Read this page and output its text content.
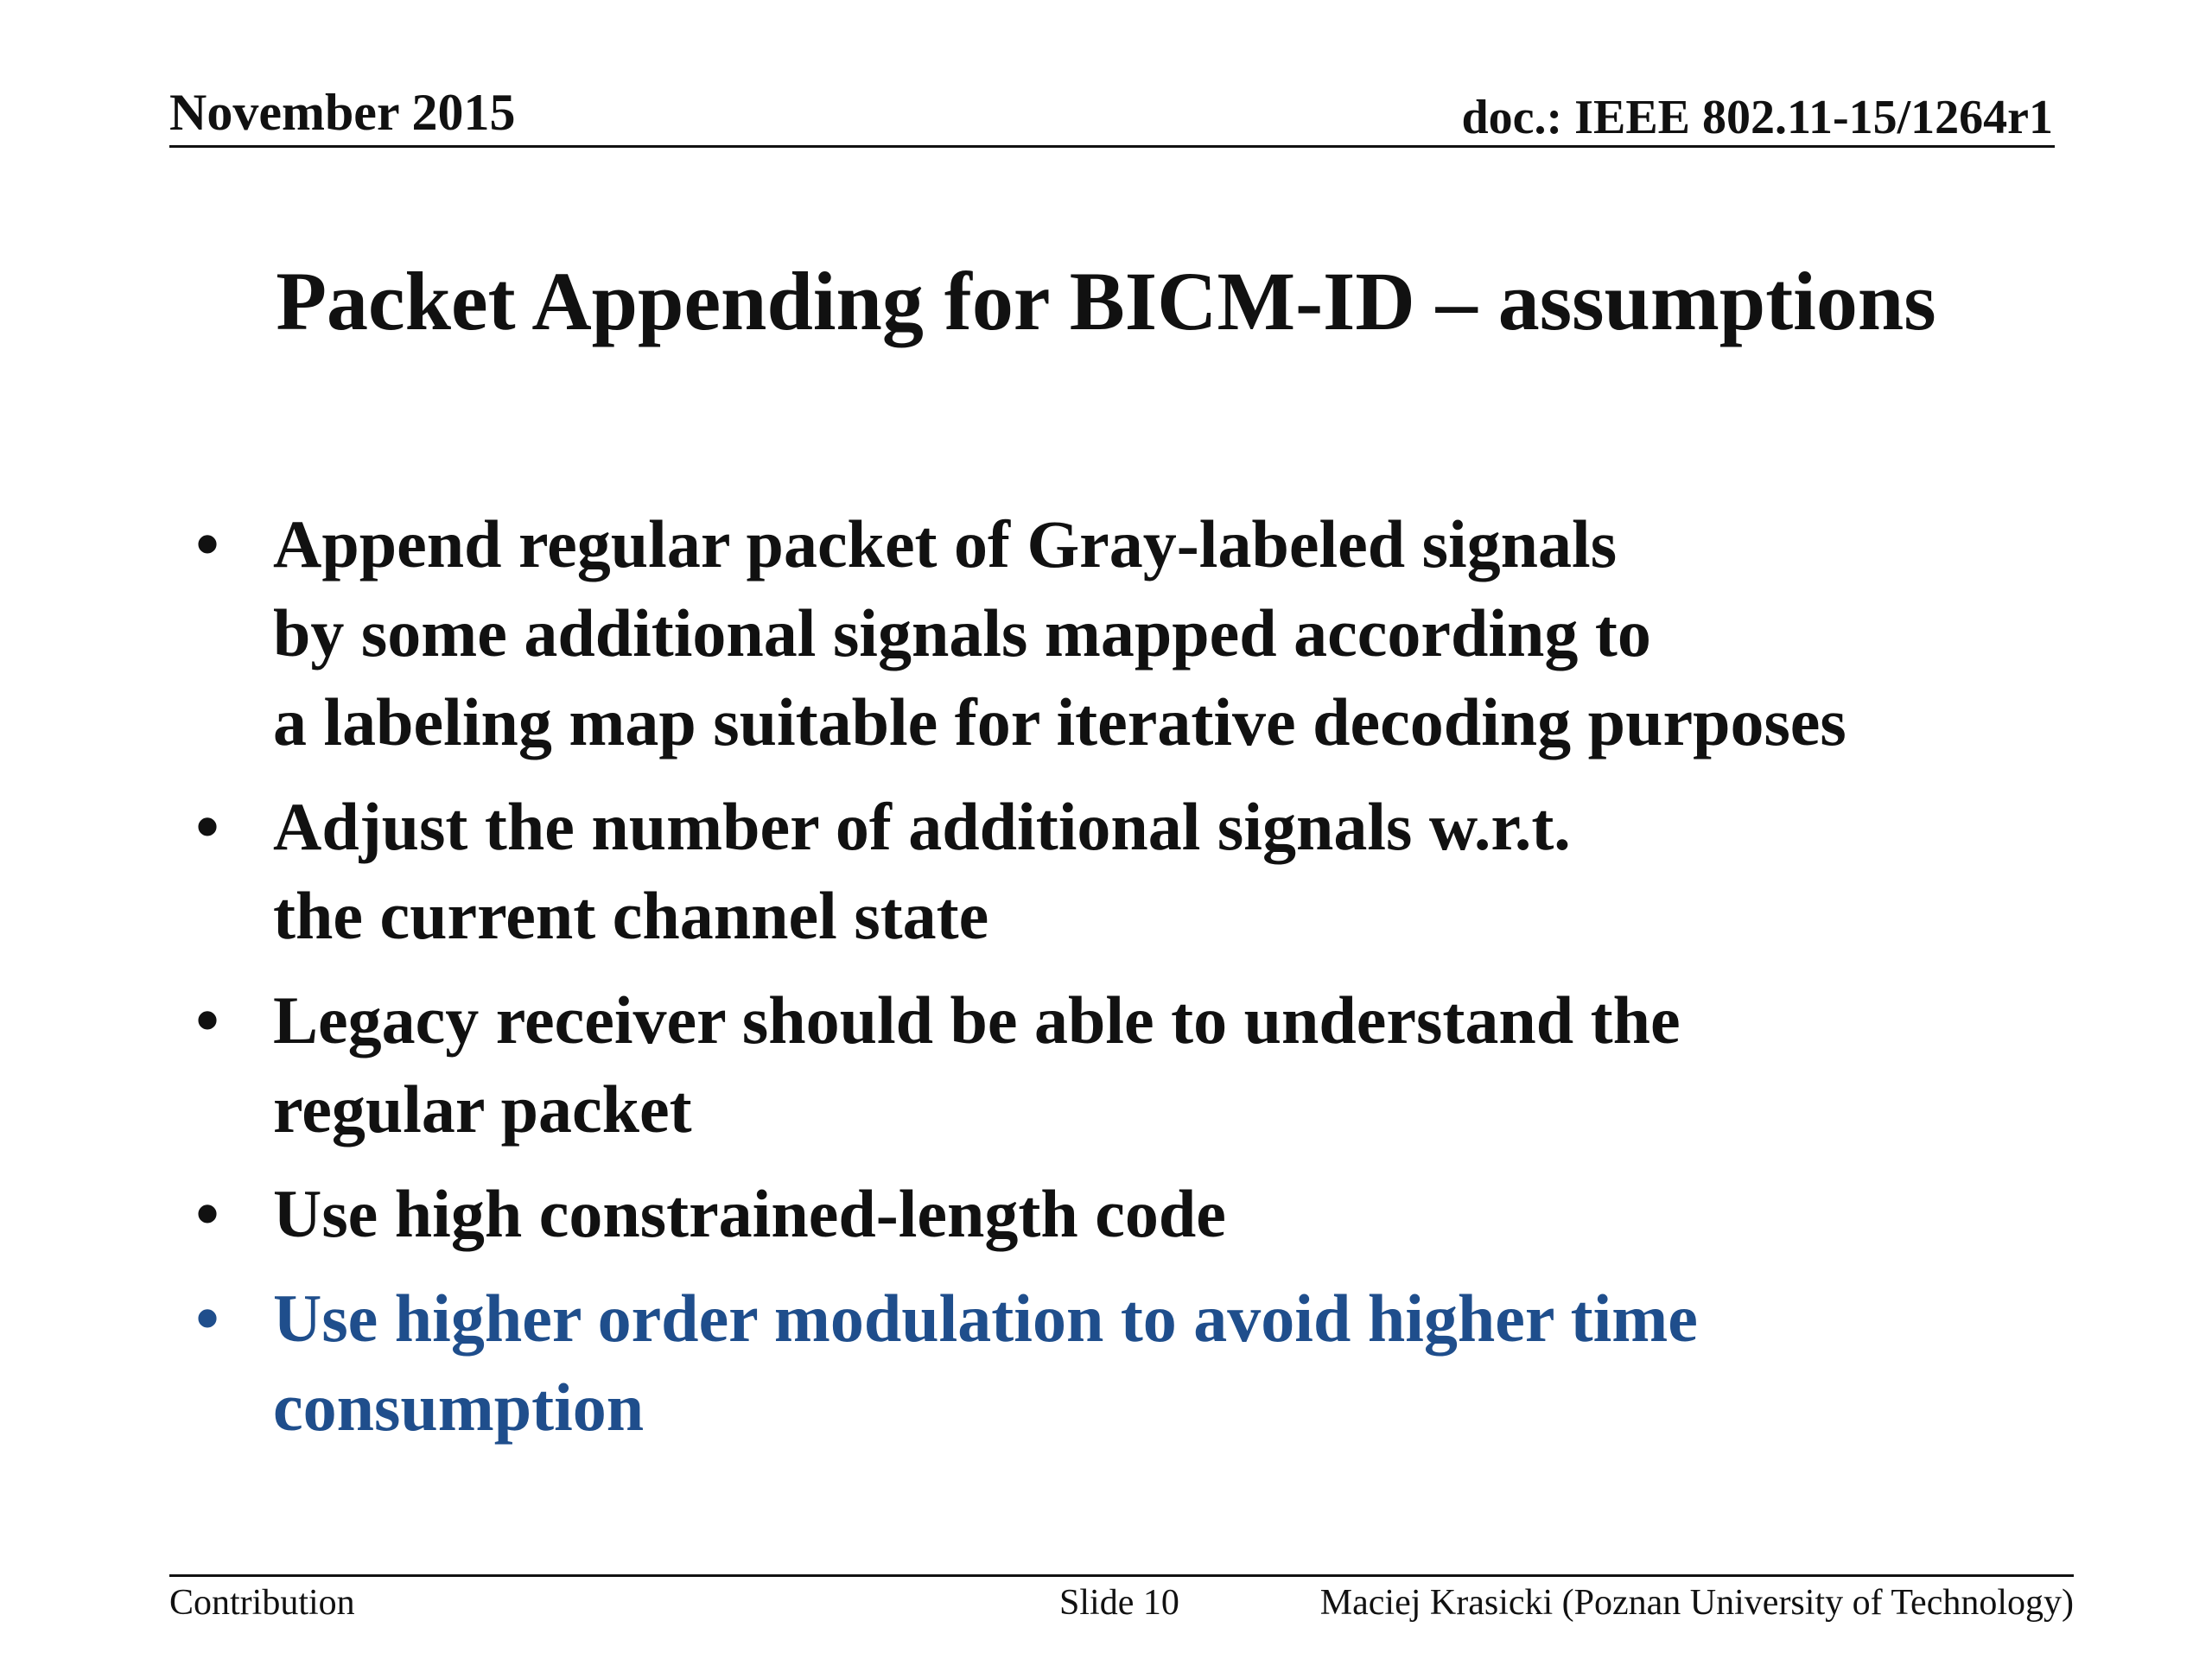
November 2015	doc.: IEEE 802.11-15/1264r1
Packet Appending for BICM-ID – assumptions
• Append regular packet of Gray-labeled signals
by some additional signals mapped according to
a labeling map suitable for iterative decoding purposes
• Adjust the number of additional signals w.r.t.
the current channel state
• Legacy receiver should be able to understand the
regular packet
• Use high constrained-length code
• Use higher order modulation to avoid higher time
consumption
Contribution	Slide 10	Maciej Krasicki (Poznan University of Technology)
